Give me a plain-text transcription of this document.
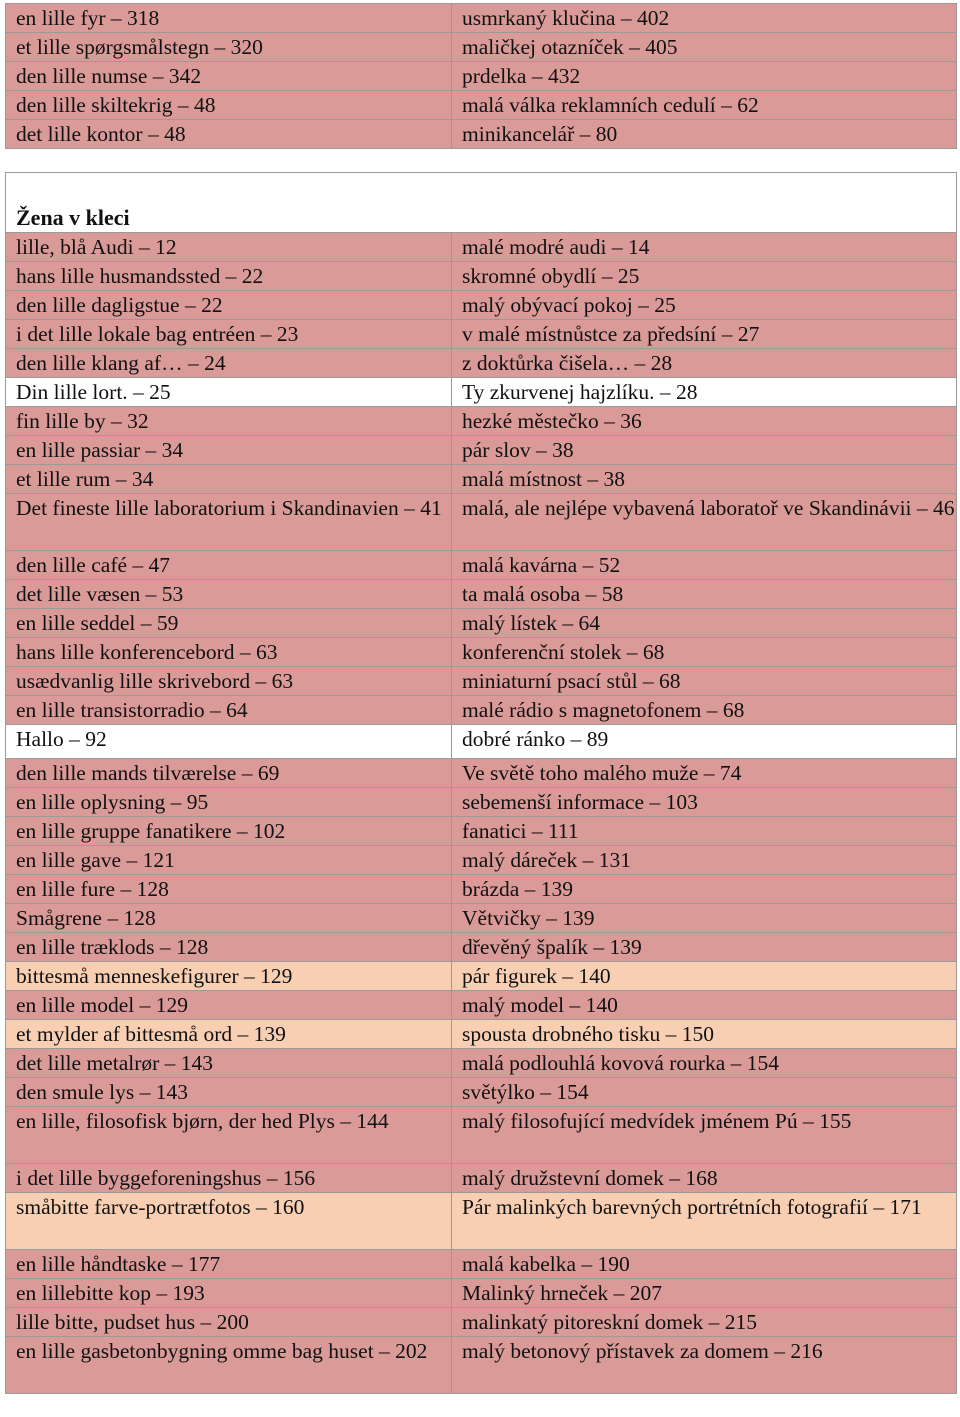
en lille fyr – 318	usmrkaný klučina – 402
et lille spørgsmålstegn – 320	maličkej otazníček – 405
den lille numse – 342	prdelka – 432
den lille skiltekrig – 48	malá válka reklamních cedulí – 62
det lille kontor – 48	minikancelář – 80
Žena v kleci	
lille, blå Audi – 12	malé modré audi – 14
hans lille husmandssted – 22	skromné obydlí – 25
den lille dagligstue – 22	malý obývací pokoj – 25
i det lille lokale bag entréen – 23	v malé místnůstce za předsíní – 27
den lille klang af… – 24	z doktůrka čišela… – 28
Din lille lort. – 25	Ty zkurvenej hajzlíku. – 28
fin lille by – 32	hezké městečko – 36
en lille passiar – 34	pár slov – 38
et lille rum – 34	malá místnost – 38
Det fineste lille laboratorium i Skandinavien – 41	malá, ale nejlépe vybavená laboratoř ve Skandinávii – 46
den lille café – 47	malá kavárna – 52
det lille væsen – 53	ta malá osoba – 58
en lille seddel – 59	malý lístek – 64
hans lille konferencebord – 63	konferenční stolek – 68
usædvanlig lille skrivebord – 63	miniaturní psací stůl – 68
en lille transistorradio – 64	malé rádio s magnetofonem – 68
Hallo – 92	dobré ránko – 89
den lille mands tilværelse – 69	Ve světě toho malého muže – 74
en lille oplysning – 95	sebemenší informace – 103
en lille gruppe fanatikere – 102	fanatici – 111
en lille gave – 121	malý dáreček – 131
en lille fure – 128	brázda – 139
Smågrene – 128	Větvičky – 139
en lille træklods – 128	dřevěný špalík – 139
bittesmå menneskefigurer – 129	pár figurek – 140
en lille model – 129	malý model – 140
et mylder af bittesmå ord – 139	spousta drobného tisku – 150
det lille metalrør – 143	malá podlouhlá kovová rourka – 154
den smule lys – 143	světýlko – 154
en lille, filosofisk bjørn, der hed Plys – 144	malý filosofující medvídek jménem Pú – 155
i det lille byggeforeningshus – 156	malý družstevní domek – 168
småbitte farve-portrætfotos – 160	Pár malinkých barevných portrétních fotografií – 171
en lille håndtaske – 177	malá kabelka – 190
en lillebitte kop – 193	Malinký hrneček – 207
lille bitte, pudset hus – 200	malinkatý pitoreskní domek – 215
en lille gasbetonbygning omme bag huset – 202	malý betonový přístavek za domem – 216
